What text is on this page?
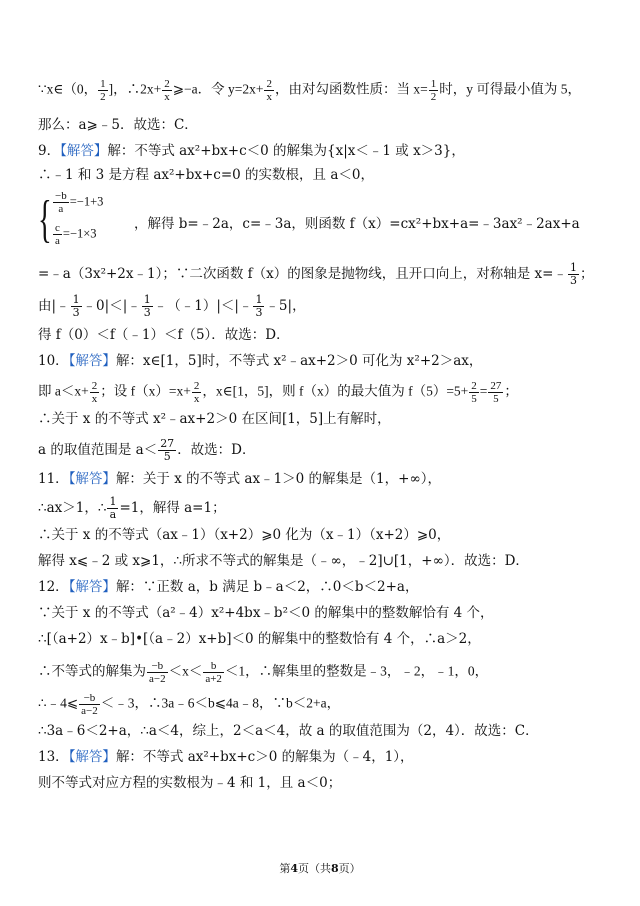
∵x∈（0， $\frac{1}{2}$ ]，∴2x+ $\frac{2}{x}$ ⩾−a．令 $y=2x+ \frac{2}{x}$ ，由对勾函数性质：当 $x= \frac{1}{2}$ 时，y 可得最小值为 5，
那么：a⩾﹣5．故选：C．
9．【解答】解：不等式 ax²+bx+c＜0 的解集为{x|x＜﹣1 或 x＞3}，
∴﹣1 和 3 是方程 ax²+bx+c=0 的实数根，且 a＜0，
{ $\frac{-b}{a} =-1+3$
$\frac{c}{a} =-1\times 3$
，解得 b=﹣2a，c=﹣3a，则函数 f（x）=cx²+bx+a=﹣3ax²﹣2ax+a
=﹣a（3x²+2x﹣1）；∵二次函数 f（x）的图象是抛物线，且开口向上，对称轴是 x=﹣ $\frac{1}{3}$ ；
由|﹣ $\frac{1}{3}$ ﹣0|＜|﹣ $\frac{1}{3}$ ﹣（﹣1）|＜|﹣ $\frac{1}{3}$ ﹣5|，
得 f（0）＜f（﹣1）＜f（5）．故选：D．
10．【解答】解：x∈[1，5]时，不等式 x²﹣ax+2＞0 可化为 x²+2＞ax，
即 $a<x+ \frac{2}{x}$ ；设 $f(x)=x+ \frac{2}{x}$ ，x∈[1，5]，则 f（x）的最大值为 $f(5)=5+ \frac{2}{5} = \frac{27}{5}$ ；
∴关于 x 的不等式 x²﹣ax+2＞0 在区间[1，5]上有解时，
a 的取值范围是 $a< \frac{27}{5}$ ．故选：D．
11．【解答】解：关于 x 的不等式 ax﹣1＞0 的解集是（1，+∞），
∴ax＞1，∴ $\frac{1}{a} =1$，解得 a=1；
∴关于 x 的不等式（ax﹣1）（x+2）⩾0 化为（x﹣1）（x+2）⩾0，
解得 x⩽﹣2 或 x⩾1，∴所求不等式的解集是（﹣∞，﹣2]∪[1，+∞）．故选：D．
12．【解答】解：∵正数 a，b 满足 b﹣a＜2，∴0＜b＜2+a，
∵关于 x 的不等式（a²﹣4）x²+4bx﹣b²＜0 的解集中的整数解恰有 4 个，
∴[（a+2）x﹣b]•[（a﹣2）x+b]＜0 的解集中的整数恰有 4 个，∴a＞2，
∴不等式的解集为 $\frac{-b}{a-2} <x< \frac{b}{a+2} <1$，∴解集里的整数是﹣3，﹣2，﹣1，0，
∴﹣4⩽ $\frac{-b}{a-2}$ ＜﹣3，∴3a﹣6＜b⩽4a﹣8，∵b＜2+a，
∴3a﹣6＜2+a，∴a＜4，综上，2＜a＜4，故 a 的取值范围为（2，4）．故选：C．
13．【解答】解：不等式 ax²+bx+c＞0 的解集为（﹣4，1），
则不等式对应方程的实数根为﹣4 和 1，且 a＜0；
第4页（共8页）
